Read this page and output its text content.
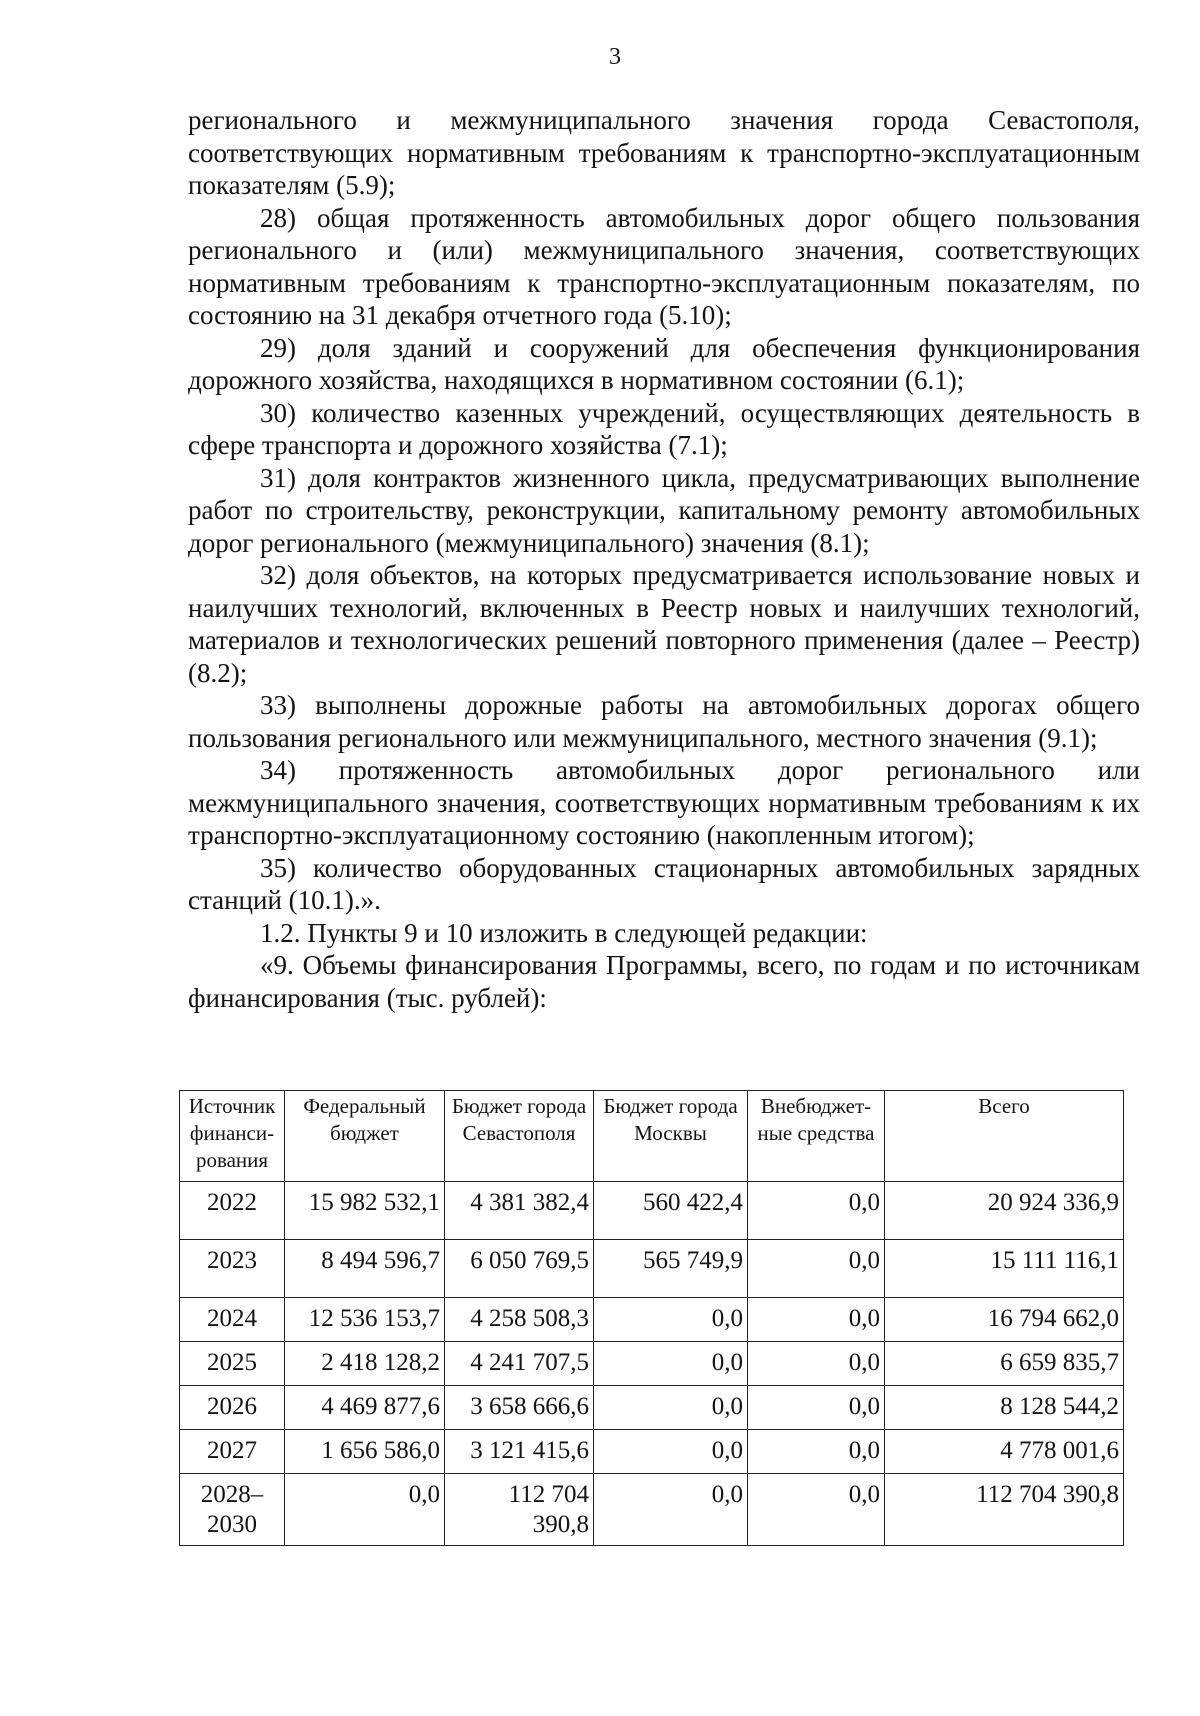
3

регионального и межмуниципального значения города Севастополя, соответствующих нормативным требованиям к транспортно-эксплуатационным показателям (5.9);

28) общая протяженность автомобильных дорог общего пользования регионального и (или) межмуниципального значения, соответствующих нормативным требованиям к транспортно-эксплуатационным показателям, по состоянию на 31 декабря отчетного года (5.10);

29) доля зданий и сооружений для обеспечения функционирования дорожного хозяйства, находящихся в нормативном состоянии (6.1);

30) количество казенных учреждений, осуществляющих деятельность в сфере транспорта и дорожного хозяйства (7.1);

31) доля контрактов жизненного цикла, предусматривающих выполнение работ по строительству, реконструкции, капитальному ремонту автомобильных дорог регионального (межмуниципального) значения (8.1);

32) доля объектов, на которых предусматривается использование новых и наилучших технологий, включенных в Реестр новых и наилучших технологий, материалов и технологических решений повторного применения (далее – Реестр) (8.2);

33) выполнены дорожные работы на автомобильных дорогах общего пользования регионального или межмуниципального, местного значения (9.1);

34) протяженность автомобильных дорог регионального или межмуниципального значения, соответствующих нормативным требованиям к их транспортно-эксплуатационному состоянию (накопленным итогом);

35) количество оборудованных стационарных автомобильных зарядных станций (10.1).».

1.2. Пункты 9 и 10 изложить в следующей редакции:

«9. Объемы финансирования Программы, всего, по годам и по источникам финансирования (тыс. рублей):

Источник финанси-рования	Федеральный бюджет	Бюджет города Севастополя	Бюджет города Москвы	Внебюджет-ные средства	Всего
2022	15 982 532,1	4 381 382,4	560 422,4	0,0	20 924 336,9
2023	8 494 596,7	6 050 769,5	565 749,9	0,0	15 111 116,1
2024	12 536 153,7	4 258 508,3	0,0	0,0	16 794 662,0
2025	2 418 128,2	4 241 707,5	0,0	0,0	6 659 835,7
2026	4 469 877,6	3 658 666,6	0,0	0,0	8 128 544,2
2027	1 656 586,0	3 121 415,6	0,0	0,0	4 778 001,6
2028–2030	0,0	112 704 390,8	0,0	0,0	112 704 390,8
